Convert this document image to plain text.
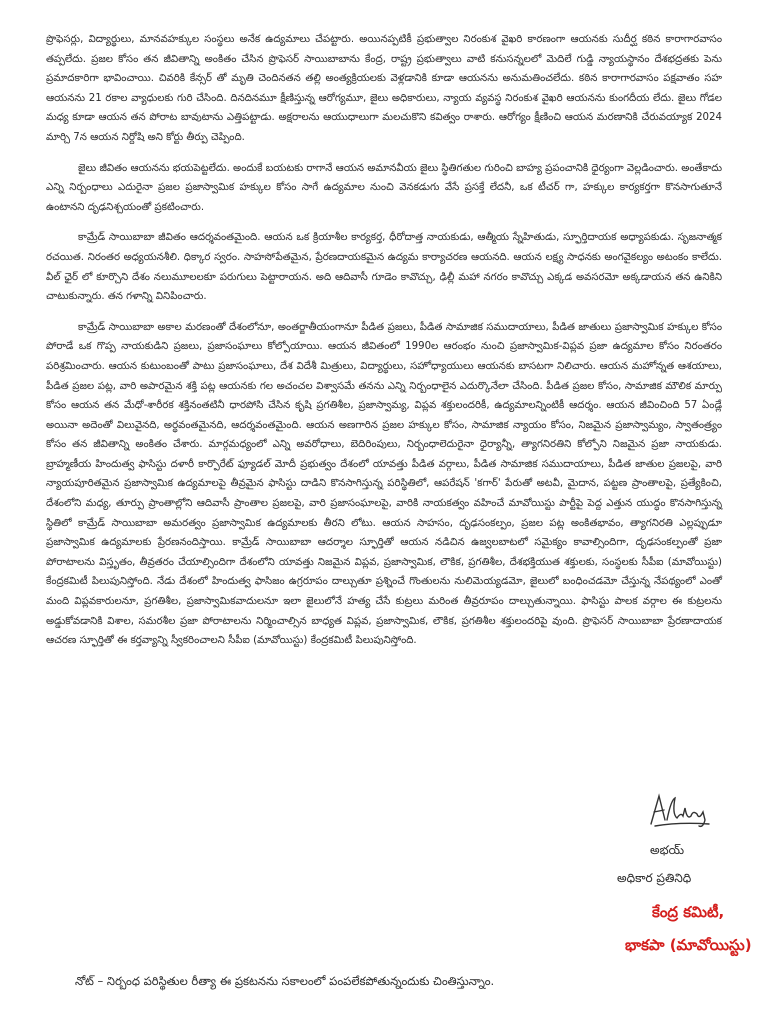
ప్రొఫెసర్లు, విద్యార్థులు, మానవహక్కుల సంస్థలు అనేక ఉద్యమాలు చేపట్టారు. అయినప్పటికీ ప్రభుత్వాల నిరంకుశ వైఖరి కారణంగా ఆయనకు సుదీర్ఘ కఠిన కారాగారవాసం తప్పలేదు. ప్రజల కోసం తన జీవితాన్ని అంకితం చేసిన ప్రొఫెసర్ సాయిబాబాను కేంద్ర, రాష్ట్ర ప్రభుత్వాలు వాటి కనుసన్నలలో మెదిలే గుడ్డి న్యాయస్థానం దేశభద్రతకు పెను ప్రమాదకారిగా భావించాయి. చివరికి కేన్సర్ తో మృతి చెందినతన తల్లి అంత్యక్రియలకు వెళ్లడానికి కూడా ఆయనను అనుమతించలేదు. కఠిన కారాగారవాసం పక్షవాతం సహ ఆయనను 21 రకాల వ్యాధులకు గురి చేసింది. దినదినమూ క్షీణిస్తున్న ఆరోగ్యమూ, జైలు అధికారులు, న్యాయ వ్యవస్థ నిరంకుశ వైఖరి ఆయనను కుంగదీయ లేదు. జైలు గోడల మధ్య కూడా ఆయన తన పోరాట బావుటాను ఎత్తిపట్టాడు. అక్షరాలను ఆయుధాలుగా మలచుకొని కవిత్వం రాశారు. ఆరోగ్యం క్షీణించి ఆయన మరణానికి చేరువయ్యాక 2024 మార్చి 7న ఆయన నిర్దోషి అని కోర్టు తీర్పు చెప్పింది.

జైలు జీవితం ఆయనను భయపెట్టలేదు. అందుకే బయటకు రాగానే ఆయన అమానవీయ జైలు స్థితిగతుల గురించి బాహ్య ప్రపంచానికి ధైర్యంగా వెల్లడించారు. అంతేకాదు ఎన్ని నిర్బంధాలు ఎదురైనా ప్రజల ప్రజాస్వామిక హక్కుల కోసం సాగే ఉద్యమాల నుంచి వెనకడుగు వేసే ప్రసక్తే లేదనీ, ఒక టీచర్ గా, హక్కుల కార్యకర్తగా కొనసాగుతూనే ఉంటానని దృఢనిశ్చయంతో ప్రకటించారు.

కామ్రేడ్ సాయిబాబా జీవితం ఆదర్శవంతమైంది. ఆయన ఒక క్రియాశీల కార్యకర్త, ధీరోదాత్త నాయకుడు, ఆత్మీయ స్నేహితుడు, స్ఫూర్తిదాయక అధ్యాపకుడు. సృజనాత్మక రచయిత. నిరంతర అధ్యయనశీలి. ధిక్కార స్వరం. సాహసోపేతమైన, ప్రేరణదాయకమైన ఉద్యమ కార్యాచరణ ఆయనది. ఆయన లక్ష్య సాధనకు అంగవైకల్యం అటంకం కాలేదు. వీల్ ఛైర్ లో కూర్చొని దేశం నలుమూలలకూ పరుగులు పెట్టారాయన. అది ఆదివాసీ గూడెం కావొచ్చు, ఢిల్లీ మహా నగరం కావొచ్చు ఎక్కడ అవసరమో అక్కడాయన తన ఉనికిని చాటుకున్నారు. తన గళాన్ని వినిపించారు.

కామ్రేడ్ సాయిబాబా అకాల మరణంతో దేశంలోనూ, అంతర్జాతీయంగానూ పీడిత ప్రజలు, పీడిత సామాజిక సముదాయాలు, పీడిత జాతులు ప్రజాస్వామిక హక్కుల కోసం పోరాడే ఒక గొప్ప నాయకుడిని ప్రజలు, ప్రజాసంఘాలు కోల్పోయాయి. ఆయన జీవితంలో 1990ల ఆరంభం నుంచి ప్రజాస్వామిక-విప్లవ ప్రజా ఉద్యమాల కోసం నిరంతరం పరిశ్రమించారు. ఆయన కుటుంబంతో పాటు ప్రజాసంఘాలు, దేశ విదేశీ మిత్రులు, విద్యార్థులు, సహోధ్యాయులు ఆయనకు బాసటగా నిలిచారు. ఆయన మహోన్నత ఆశయాలు, పీడిత ప్రజల పట్ల, వారి అపారమైన శక్తి పట్ల ఆయనకు గల అచంచల విశ్వాసమే తనను ఎన్ని నిర్బంధాలైన ఎదుర్కొనేలా చేసింది. పీడిత ప్రజల కోసం, సామాజిక మౌలిక మార్పు కోసం ఆయన తన మేధో-శారీరక శక్తినంతటినీ ధారపోసి చేసిన కృషి ప్రగతిశీల, ప్రజాస్వామ్య, విప్లవ శక్తులందరికీ, ఉద్యమాలన్నింటికీ ఆదర్శం. ఆయన జీవించింది 57 ఏండ్లే అయినా అదెంతో విలువైనది, అర్థవంతమైనది, ఆదర్శవంతమైంది. ఆయన అణగారిన ప్రజల హక్కుల కోసం, సామాజిక న్యాయం కోసం, నిజమైన ప్రజాస్వామ్యం, స్వాతంత్ర్యం కోసం తన జీవితాన్ని అంకితం చేశారు. మార్గమధ్యంలో ఎన్ని అవరోధాలు, బెదిరింపులు, నిర్బంధాలెదురైనా ధైర్యాన్నీ, త్యాగనిరతిని కోల్పోని నిజమైన ప్రజా నాయకుడు. బ్రాహ్మణీయ హిందుత్వ ఫాసిస్టు దళారీ కార్పొరేట్ ఫ్యూడల్ మోదీ ప్రభుత్వం దేశంలో యావత్తు పీడిత వర్గాలు, పీడిత సామాజిక సముదాయాలు, పీడిత జాతుల ప్రజలపై, వారి న్యాయపూరితమైన ప్రజాస్వామిక ఉద్యమాలపై తీవ్రమైన ఫాసిస్టు దాడిని కొనసాగిస్తున్న పరిస్థితిలో, ఆపరేషన్ 'కగార్' పేరుతో అటవీ, మైదాన, పట్టణ ప్రాంతాలపై, ప్రత్యేకించి, దేశంలోని మధ్య, తూర్పు ప్రాంతాల్లోని ఆదివాసీ ప్రాంతాల ప్రజలపై, వారి ప్రజాసంఘాలపై, వారికి నాయకత్వం వహించే మావోయిస్టు పార్టీపై పెద్ద ఎత్తున యుద్ధం కొనసాగిస్తున్న స్థితిలో కామ్రేడ్ సాయిబాబా అమరత్వం ప్రజాస్వామిక ఉద్యమాలకు తీరని లోటు. ఆయన సాహసం, దృఢసంకల్పం, ప్రజల పట్ల అంకితభావం, త్యాగనిరతి ఎల్లప్పుడూ ప్రజాస్వామిక ఉద్యమాలకు ప్రేరణనందిస్తాయి. కామ్రేడ్ సాయిబాబా ఆదర్శాల స్ఫూర్తితో ఆయన నడిచిన ఉజ్వలబాటలో సమైక్యం కావాల్సిందిగా, దృఢసంకల్పంతో ప్రజా పోరాటాలను విస్తృతం, తీవ్రతరం చేయాల్సిందిగా దేశంలోని యావత్తు నిజమైన విప్లవ, ప్రజాస్వామిక, లౌకిక, ప్రగతిశీల, దేశభక్తియుత శక్తులకు, సంస్థలకు సీపీఐ (మావోయిస్టు) కేంద్రకమిటీ పిలుపునిస్తోంది. నేడు దేశంలో హిందుత్వ ఫాసిజం ఉగ్రరూపం దాల్చుతూ ప్రశ్నించే గొంతులను నులిమెయ్యడమో, జైలులో బంధించడమో చేస్తున్న నేపథ్యంలో ఎంతో మంది విప్లవకారులనూ, ప్రగతిశీల, ప్రజాస్వామికవాదులనూ ఇలా జైలులోనే హత్య చేసే కుట్రలు మరింత తీవ్రరూపం దాల్చుతున్నాయి. ఫాసిస్టు పాలక వర్గాల ఈ కుట్రలను అడ్డుకోవడానికి విశాల, సమరశీల ప్రజా పోరాటాలను నిర్మించాల్సిన బాధ్యత విప్లవ, ప్రజాస్వామిక, లౌకిక, ప్రగతిశీల శక్తులందరిపై వుంది. ప్రొఫెసర్ సాయిబాబా ప్రేరణాదాయక ఆచరణ స్ఫూర్తితో ఈ కర్తవ్యాన్ని స్వీకరించాలని సీపీఐ (మావోయిస్టు) కేంద్రకమిటీ పిలుపునిస్తోంది.

అభయ్
అధికార ప్రతినిధి
కేంద్ర కమిటీ,
భాకపా (మావోయిస్టు)
నోట్ – నిర్బంధ పరిస్థితుల రీత్యా ఈ ప్రకటనను సకాలంలో పంపలేకపోతున్నందుకు చింతిస్తున్నాం.
